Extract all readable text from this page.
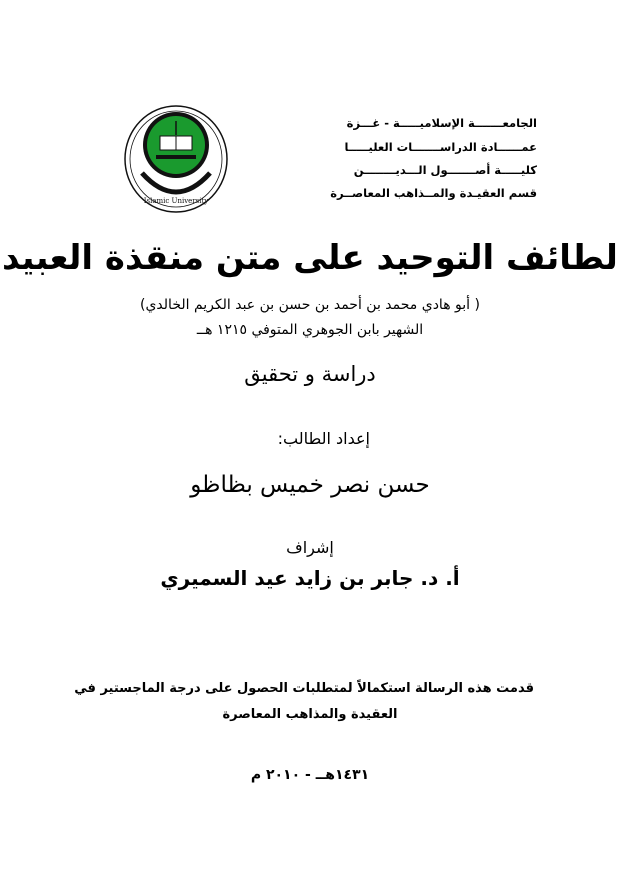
Islamic University
الجامعـــــــة الإسلاميـــــة - غـــزة
عمــــــادة الدراســـــــات العليـــــا
كليـــــة أصـــــــول الـــديــــــــن
قسم العقيـدة والمــذاهب المعاصــرة
لطائف التوحيد على متن منقذة العبيد
( أبو هادي محمد بن أحمد بن حسن بن عبد الكريم الخالدي)
الشهير بابن الجوهري المتوفي ١٢١٥ هــ
دراسة و تحقيق
إعداد الطالب:
حسن نصر خميس بظاظو
إشراف
أ. د. جابر بن زايد عيد السميري
قدمت هذه الرسالة استكمالاً لمتطلبات الحصول على درجة الماجستير في
العقيدة والمذاهب المعاصرة
١٤٣١هــ - ٢٠١٠ م
